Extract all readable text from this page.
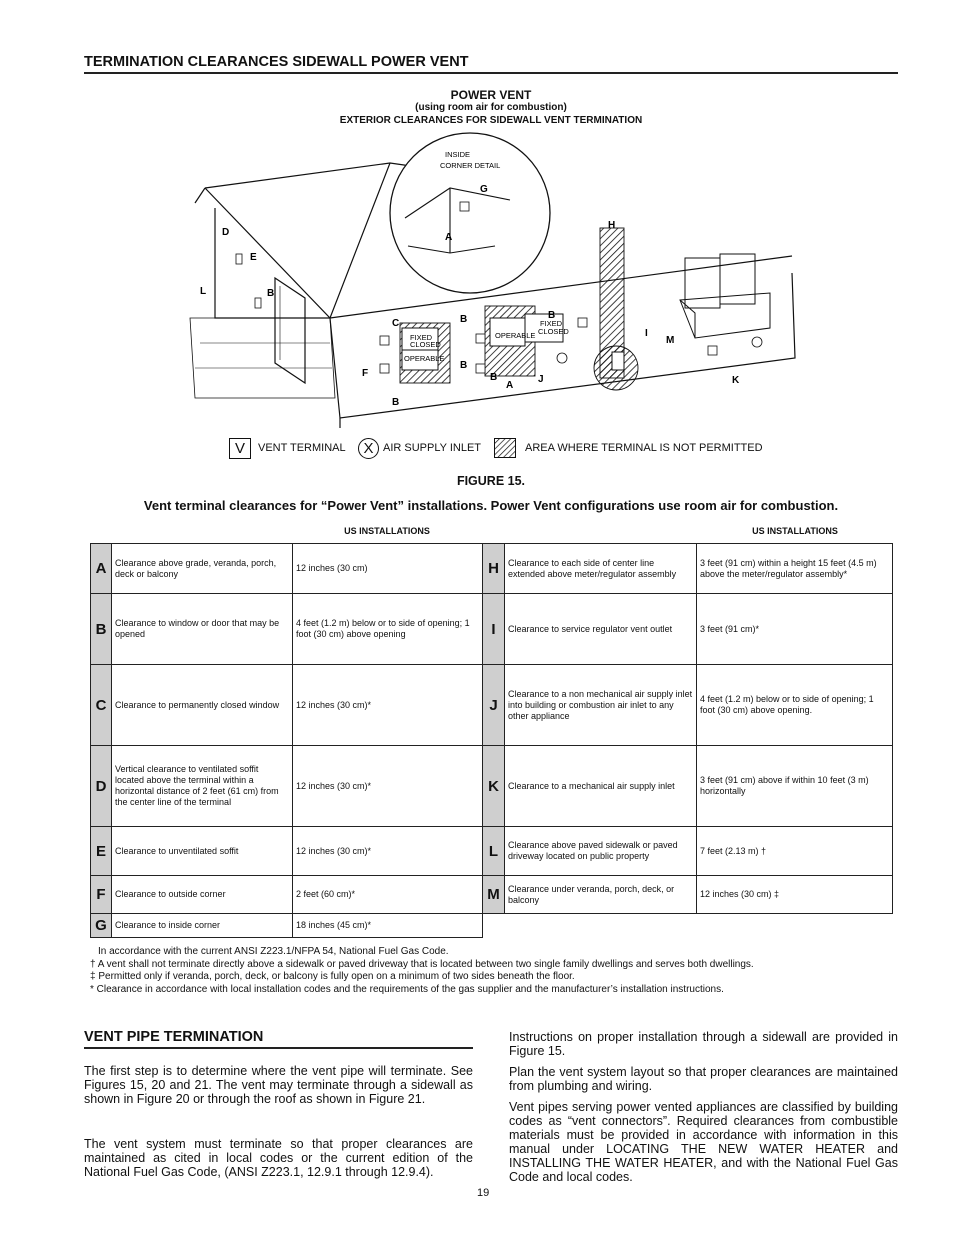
TERMINATION CLEARANCES SIDEWALL POWER VENT
POWER VENT
(using room air for combustion)
EXTERIOR CLEARANCES FOR SIDEWALL VENT TERMINATION
FIXED
CLOSED
OPERABLE
OPERABLE
FIXED
CLOSED
INSIDE
CORNER DETAIL
D
E
B
L
G
A
H
I
C
F
B
B	B
B
B
A
J
M
K
V	VENT TERMINAL	X AIR SUPPLY INLET	AREA WHERE TERMINAL IS NOT PERMITTED
FIGURE 15.
Vent terminal clearances for “Power Vent” installations. Power Vent configurations use room air for combustion.
US INSTALLATIONS	US INSTALLATIONS
A	Clearance above grade, veranda, porch, deck or balcony	12 inches (30 cm)	H	Clearance to each side of center line extended above meter/regulator assembly	3 feet (91 cm) within a height 15 feet (4.5 m) above the meter/regulator assembly*
B	Clearance to window or door that may be opened	4 feet (1.2 m) below or to side of opening; 1 foot (30 cm) above opening	I	Clearance to service regulator vent outlet	3 feet (91 cm)*
C	Clearance to permanently closed window	12 inches (30 cm)*	J	Clearance to a non mechanical air supply inlet into building or combustion air inlet to any other appliance	4 feet (1.2 m) below or to side of opening; 1 foot (30 cm) above opening.
D	Vertical clearance to ventilated soffit located above the terminal within a horizontal distance of 2 feet (61 cm) from the center line of the terminal	12 inches (30 cm)*	K	Clearance to a mechanical air supply inlet	3 feet (91 cm) above if within 10 feet (3 m) horizontally
E	Clearance to unventilated soffit	12 inches (30 cm)*	L	Clearance above paved sidewalk or paved driveway located on public property	7 feet (2.13 m) †
F	Clearance to outside corner	2 feet (60 cm)*	M	Clearance under veranda, porch, deck, or balcony	12 inches (30 cm) ‡
G	Clearance to inside corner	18 inches (45 cm)*			
In accordance with the current ANSI Z223.1/NFPA 54, National Fuel Gas Code.
† A vent shall not terminate directly above a sidewalk or paved driveway that is located between two single family dwellings and serves both dwellings.
‡ Permitted only if veranda, porch, deck, or balcony is fully open on a minimum of two sides beneath the floor.
* Clearance in accordance with local installation codes and the requirements of the gas supplier and the manufacturer’s installation instructions.
VENT PIPE TERMINATION
The first step is to determine where the vent pipe will terminate. See Figures 15, 20 and 21. The vent may terminate through a sidewall as shown in Figure 20 or through the roof as shown in Figure 21.
The vent system must terminate so that proper clearances are maintained as cited in local codes or the current edition of the National Fuel Gas Code, (ANSI Z223.1, 12.9.1 through 12.9.4).
Instructions on proper installation through a sidewall are provided in Figure 15.
Plan the vent system layout so that proper clearances are maintained from plumbing and wiring.
Vent pipes serving power vented appliances are classified by building codes as “vent connectors”. Required clearances from combustible materials must be provided in accordance with information in this manual under LOCATING THE NEW WATER HEATER and INSTALLING THE WATER HEATER, and with the National Fuel Gas Code and local codes.
19
